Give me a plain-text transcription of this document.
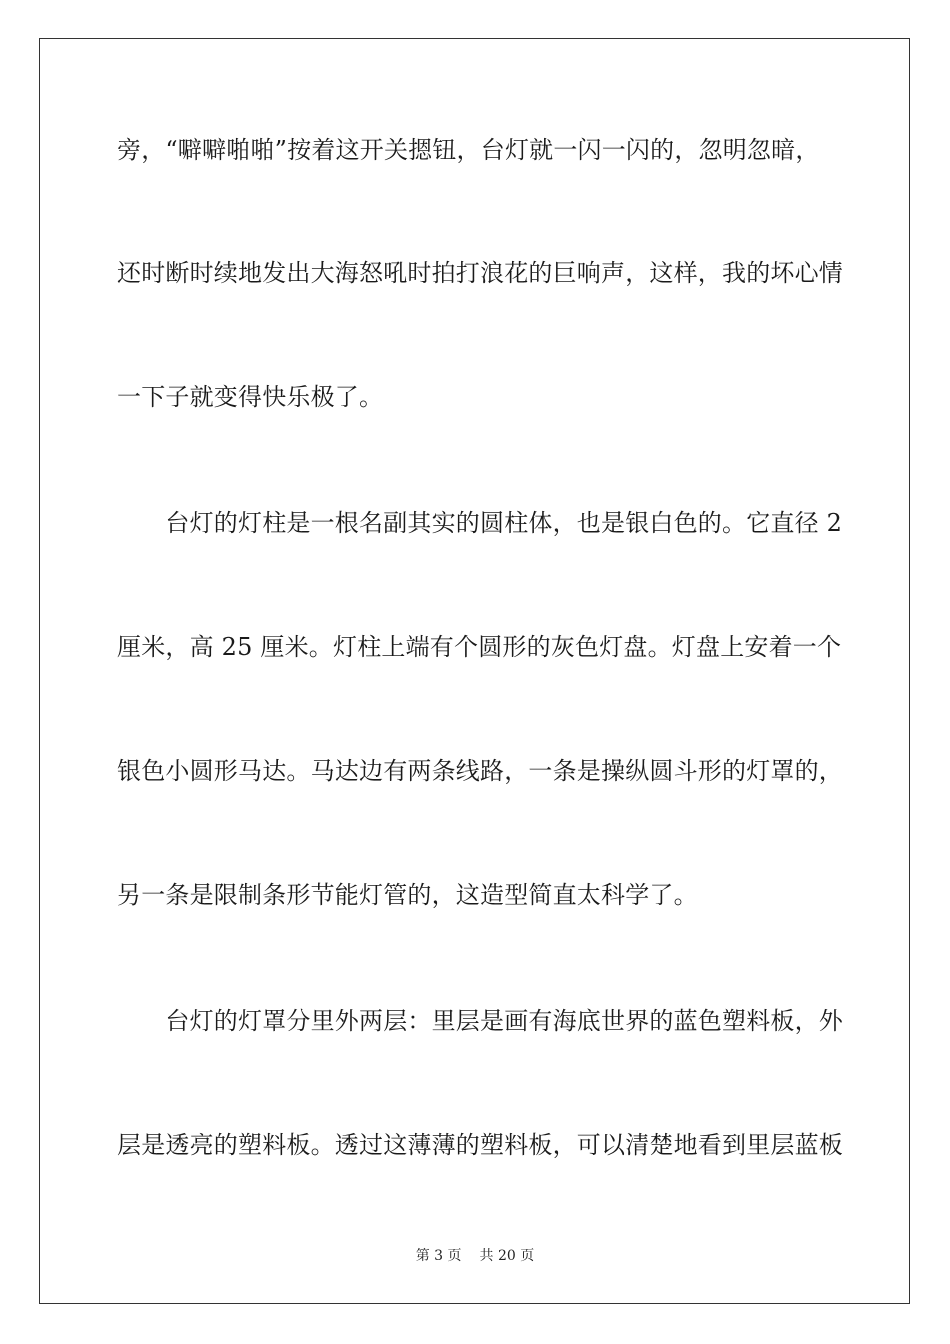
旁，“噼噼啪啪”按着这开关摁钮，台灯就一闪一闪的，忽明忽暗，
还时断时续地发出大海怒吼时拍打浪花的巨响声，这样，我的坏心情
一下子就变得快乐极了。
　　台灯的灯柱是一根名副其实的圆柱体，也是银白色的。它直径 2
厘米，高 25 厘米。灯柱上端有个圆形的灰色灯盘。灯盘上安着一个
银色小圆形马达。马达边有两条线路，一条是操纵圆斗形的灯罩的，
另一条是限制条形节能灯管的，这造型简直太科学了。
　　台灯的灯罩分里外两层：里层是画有海底世界的蓝色塑料板，外
层是透亮的塑料板。透过这薄薄的塑料板，可以清楚地看到里层蓝板
第 3 页 共 20 页
